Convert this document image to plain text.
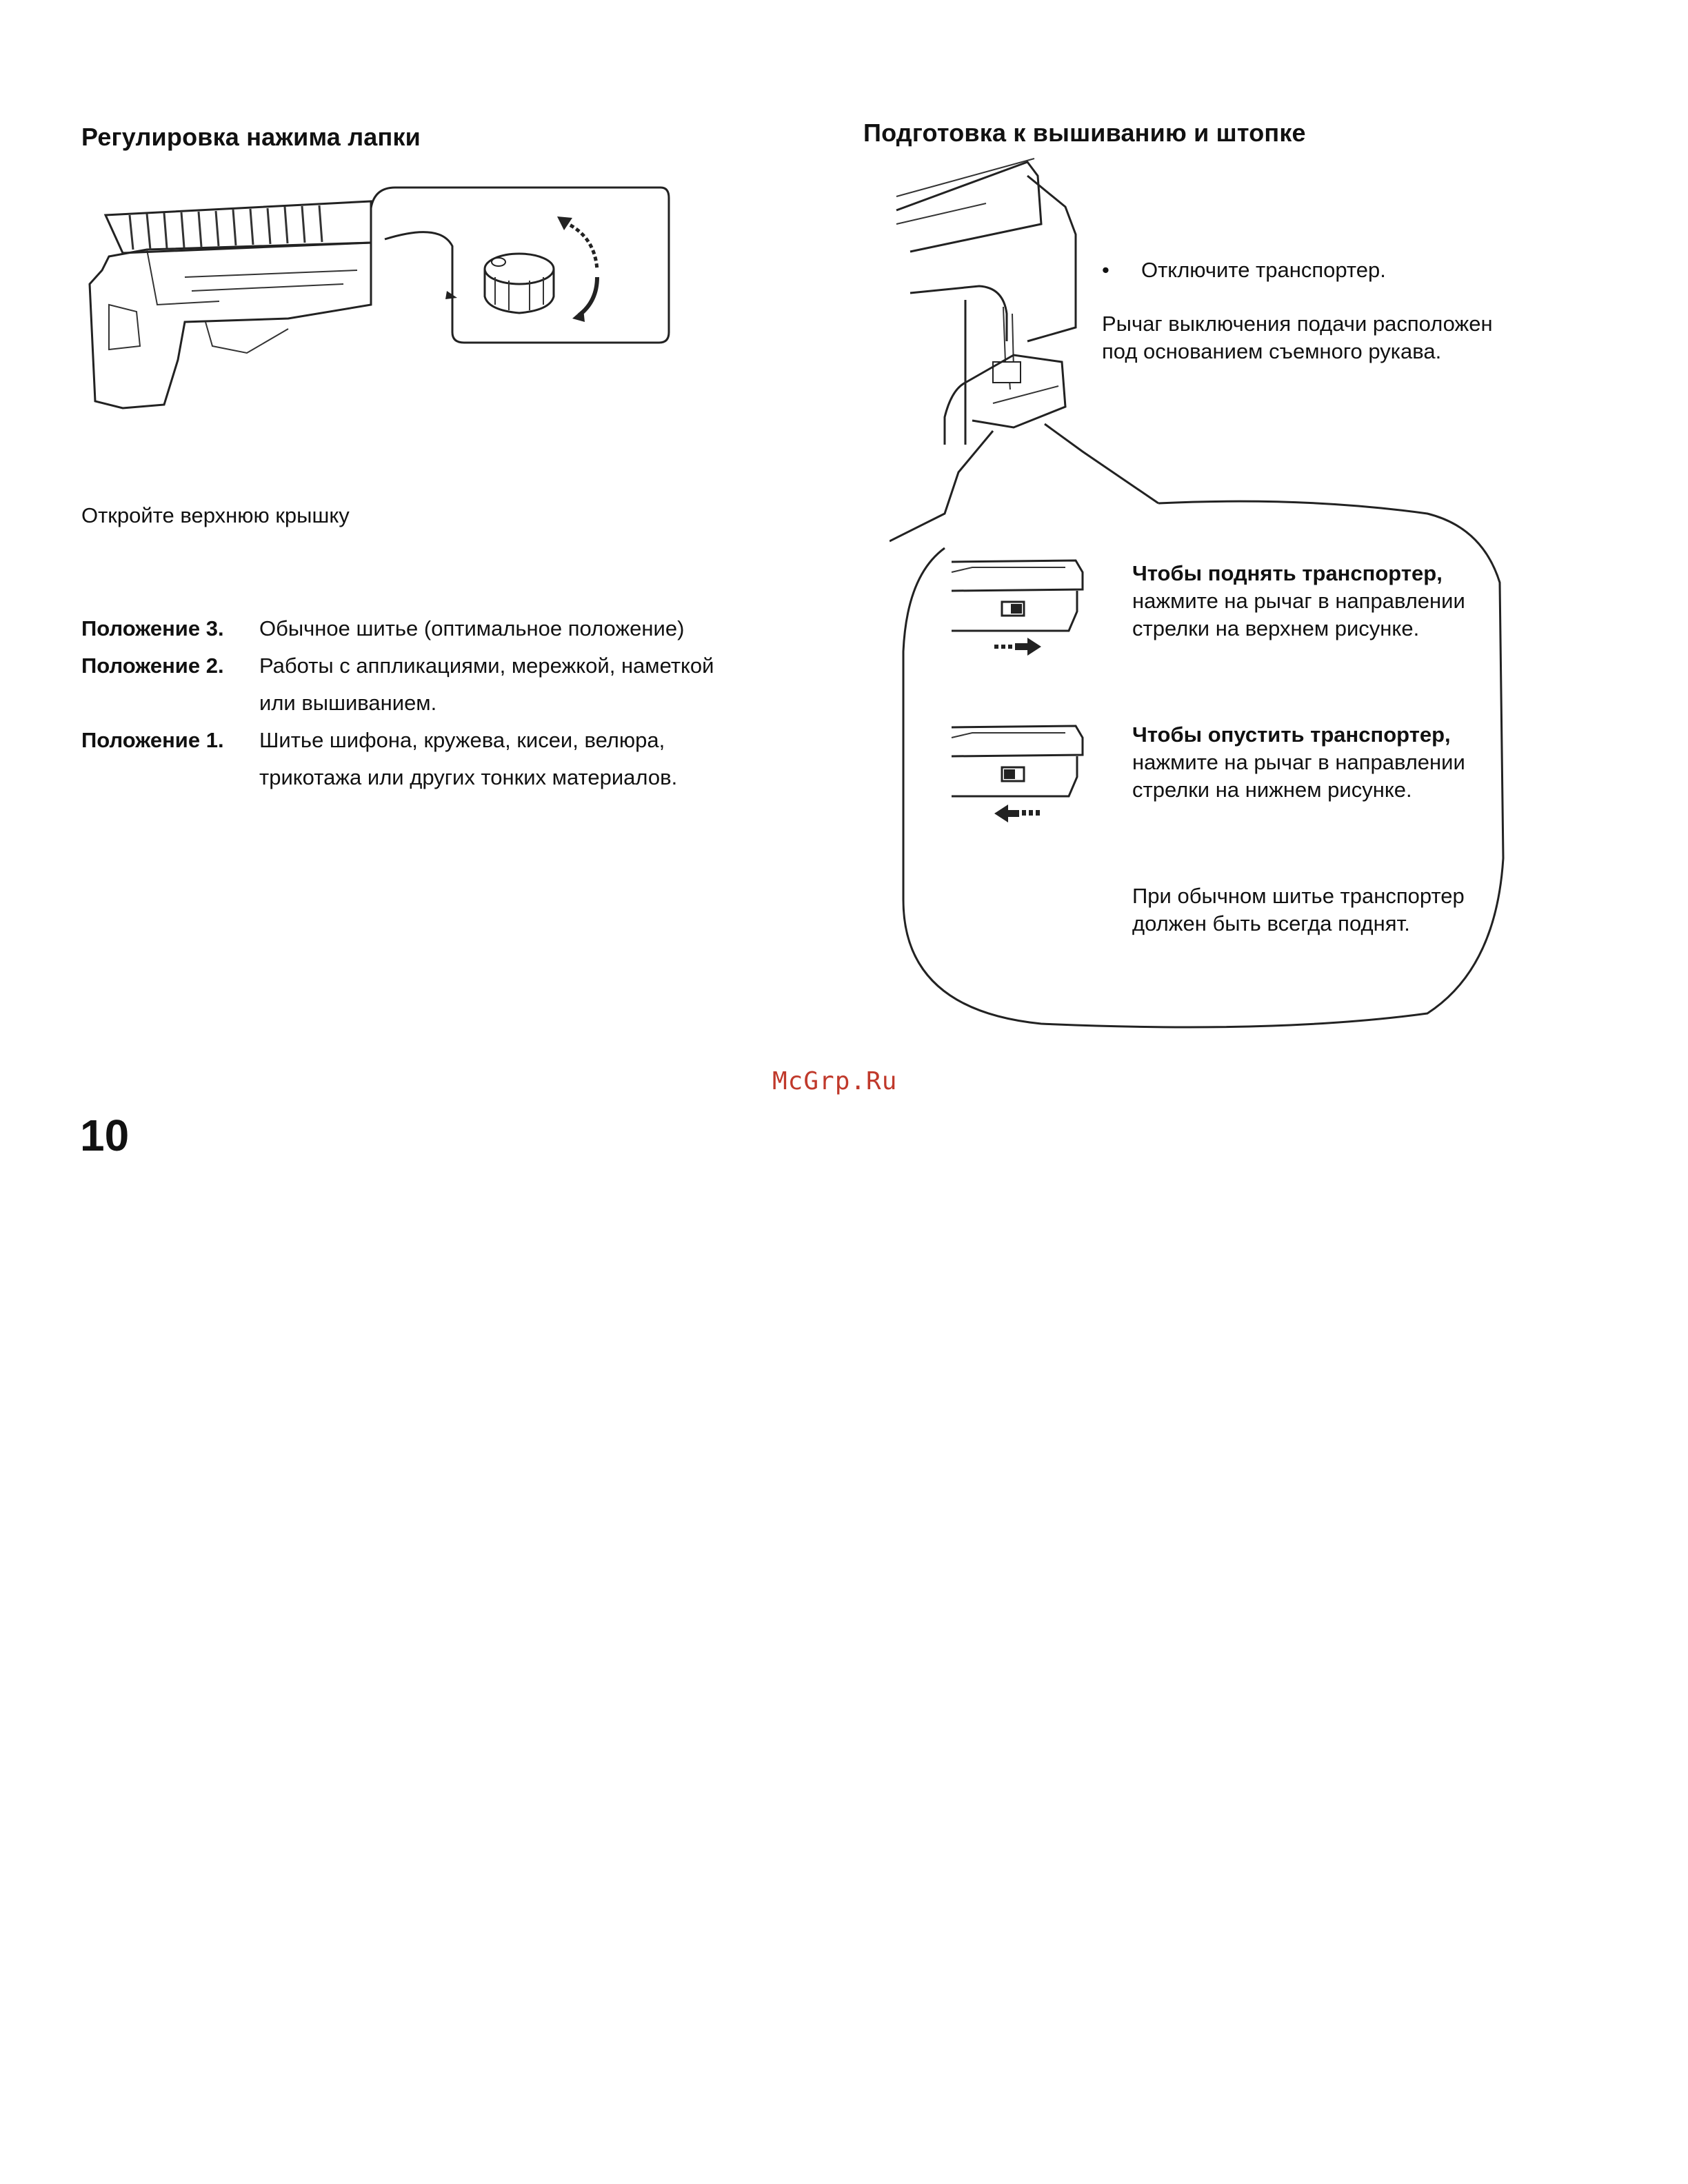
Регулировка нажима лапки
Откройте верхнюю крышку
Положение 3.	Обычное шитье (оптимальное положение)
Положение 2.	Работы с аппликациями, мережкой, наметкой
или вышиванием.
Положение 1.	Шитье шифона, кружева, кисеи, велюра,
трикотажа или других тонких материалов.
Подготовка к вышиванию и штопке
• Отключите транспортер.
Рычаг выключения подачи расположен
под основанием съемного рукава.
Чтобы поднять транспортер,
нажмите на рычаг в направлении
стрелки на верхнем рисунке.
Чтобы опустить транспортер,
нажмите на рычаг в направлении
стрелки на нижнем рисунке.
При обычном шитье транспортер
должен быть всегда поднят.
McGrp.Ru
10
